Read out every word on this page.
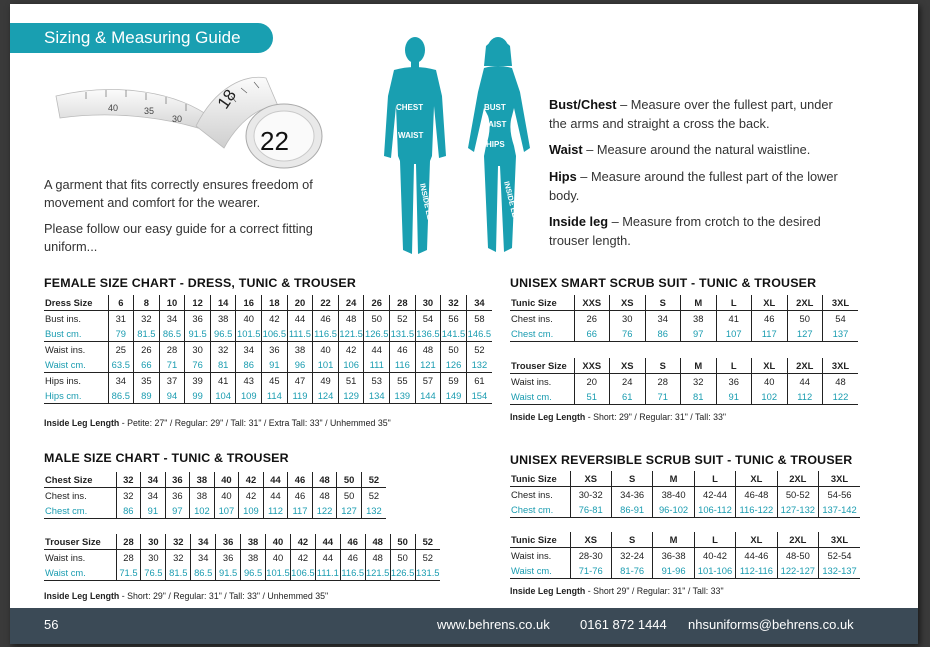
Sizing & Measuring Guide
40	35
30
18
22

A garment that fits correctly ensures freedom of movement and comfort for the wearer.

Please follow our easy guide for a correct fitting uniform...

CHEST
WAIST
INSIDE LEG
BUST
WAIST
HIPS
INSIDE LEG

Bust/Chest – Measure over the fullest part, under the arms and straight a cross the back.

Waist – Measure around the natural waistline.

Hips – Measure around the fullest part of the lower body.

Inside leg – Measure from crotch to the desired trouser length.

FEMALE SIZE CHART - DRESS, TUNIC & TROUSER

Dress Size	6	8	10	12	14	16	18	20	22	24	26	28	30	32	34
Bust ins.	31	32	34	36	38	40	42	44	46	48	50	52	54	56	58
Bust cm.	79	81.5	86.5	91.5	96.5	101.5	106.5	111.5	116.5	121.5	126.5	131.5	136.5	141.5	146.5
Waist ins.	25	26	28	30	32	34	36	38	40	42	44	46	48	50	52
Waist cm.	63.5	66	71	76	81	86	91	96	101	106	111	116	121	126	132
Hips ins.	34	35	37	39	41	43	45	47	49	51	53	55	57	59	61
Hips cm.	86.5	89	94	99	104	109	114	119	124	129	134	139	144	149	154

Inside Leg Length - Petite: 27" / Regular: 29" / Tall: 31" / Extra Tall: 33" / Unhemmed 35"

MALE SIZE CHART - TUNIC & TROUSER

Chest Size	32	34	36	38	40	42	44	46	48	50	52
Chest ins.	32	34	36	38	40	42	44	46	48	50	52
Chest cm.	86	91	97	102	107	109	112	117	122	127	132
Trouser Size	28	30	32	34	36	38	40	42	44	46	48	50	52
Waist ins.	28	30	32	34	36	38	40	42	44	46	48	50	52
Waist cm.	71.5	76.5	81.5	86.5	91.5	96.5	101.5	106.5	111.1	116.5	121.5	126.5	131.5

Inside Leg Length - Short: 29" / Regular: 31" / Tall: 33" / Unhemmed 35"

UNISEX SMART SCRUB SUIT - TUNIC & TROUSER

Tunic Size	XXS	XS	S	M	L	XL	2XL	3XL
Chest ins.	26	30	34	38	41	46	50	54
Chest cm.	66	76	86	97	107	117	127	137
Trouser Size	XXS	XS	S	M	L	XL	2XL	3XL
Waist ins.	20	24	28	32	36	40	44	48
Waist cm.	51	61	71	81	91	102	112	122

Inside Leg Length - Short: 29" / Regular: 31" / Tall: 33"

UNISEX REVERSIBLE SCRUB SUIT - TUNIC & TROUSER

Tunic Size	XS	S	M	L	XL	2XL	3XL
Chest ins.	30-32	34-36	38-40	42-44	46-48	50-52	54-56
Chest cm.	76-81	86-91	96-102	106-112	116-122	127-132	137-142
Tunic Size	XS	S	M	L	XL	2XL	3XL
Waist ins.	28-30	32-24	36-38	40-42	44-46	48-50	52-54
Waist cm.	71-76	81-76	91-96	101-106	112-116	122-127	132-137

Inside Leg Length - Short 29" / Regular: 31" / Tall: 33"

56	www.behrens.co.uk 0161 872 1444 nhsuniforms@behrens.co.uk
